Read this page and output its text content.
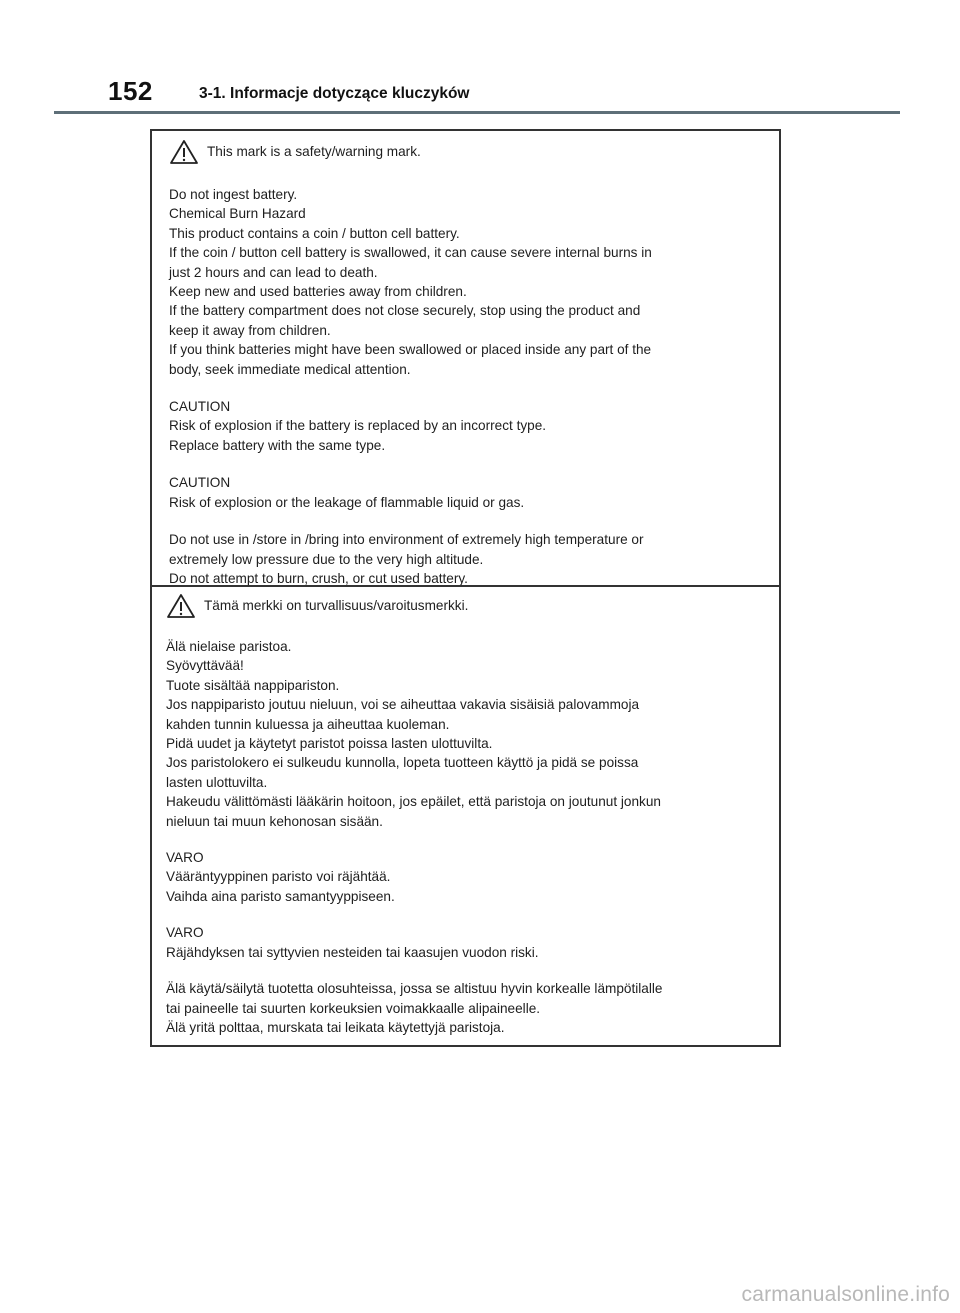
152	3-1. Informacje dotyczące kluczyków
This mark is a safety/warning mark.
Do not ingest battery.
Chemical Burn Hazard
This product contains a coin / button cell battery.
If the coin / button cell battery is swallowed, it can cause severe internal burns in
just 2 hours and can lead to death.
Keep new and used batteries away from children.
If the battery compartment does not close securely, stop using the product and
keep it away from children.
If you think batteries might have been swallowed or placed inside any part of the
body, seek immediate medical attention.
CAUTION
Risk of explosion if the battery is replaced by an incorrect type.
Replace battery with the same type.
CAUTION
Risk of explosion or the leakage of flammable liquid or gas.
Do not use in /store in /bring into environment of extremely high temperature or
extremely low pressure due to the very high altitude.
Do not attempt to burn, crush, or cut used battery.
Tämä merkki on turvallisuus/varoitusmerkki.
Älä nielaise paristoa.
Syövyttävää!
Tuote sisältää nappipariston.
Jos nappiparisto joutuu nieluun, voi se aiheuttaa vakavia sisäisiä palovammoja
kahden tunnin kuluessa ja aiheuttaa kuoleman.
Pidä uudet ja käytetyt paristot poissa lasten ulottuvilta.
Jos paristolokero ei sulkeudu kunnolla, lopeta tuotteen käyttö ja pidä se poissa
lasten ulottuvilta.
Hakeudu välittömästi lääkärin hoitoon, jos epäilet, että paristoja on joutunut jonkun
nieluun tai muun kehonosan sisään.
VARO
Vääräntyyppinen paristo voi räjähtää.
Vaihda aina paristo samantyyppiseen.
VARO
Räjähdyksen tai syttyvien nesteiden tai kaasujen vuodon riski.
Älä käytä/säilytä tuotetta olosuhteissa, jossa se altistuu hyvin korkealle lämpötilalle
tai paineelle tai suurten korkeuksien voimakkaalle alipaineelle.
Älä yritä polttaa, murskata tai leikata käytettyjä paristoja.
carmanualsonline.info
